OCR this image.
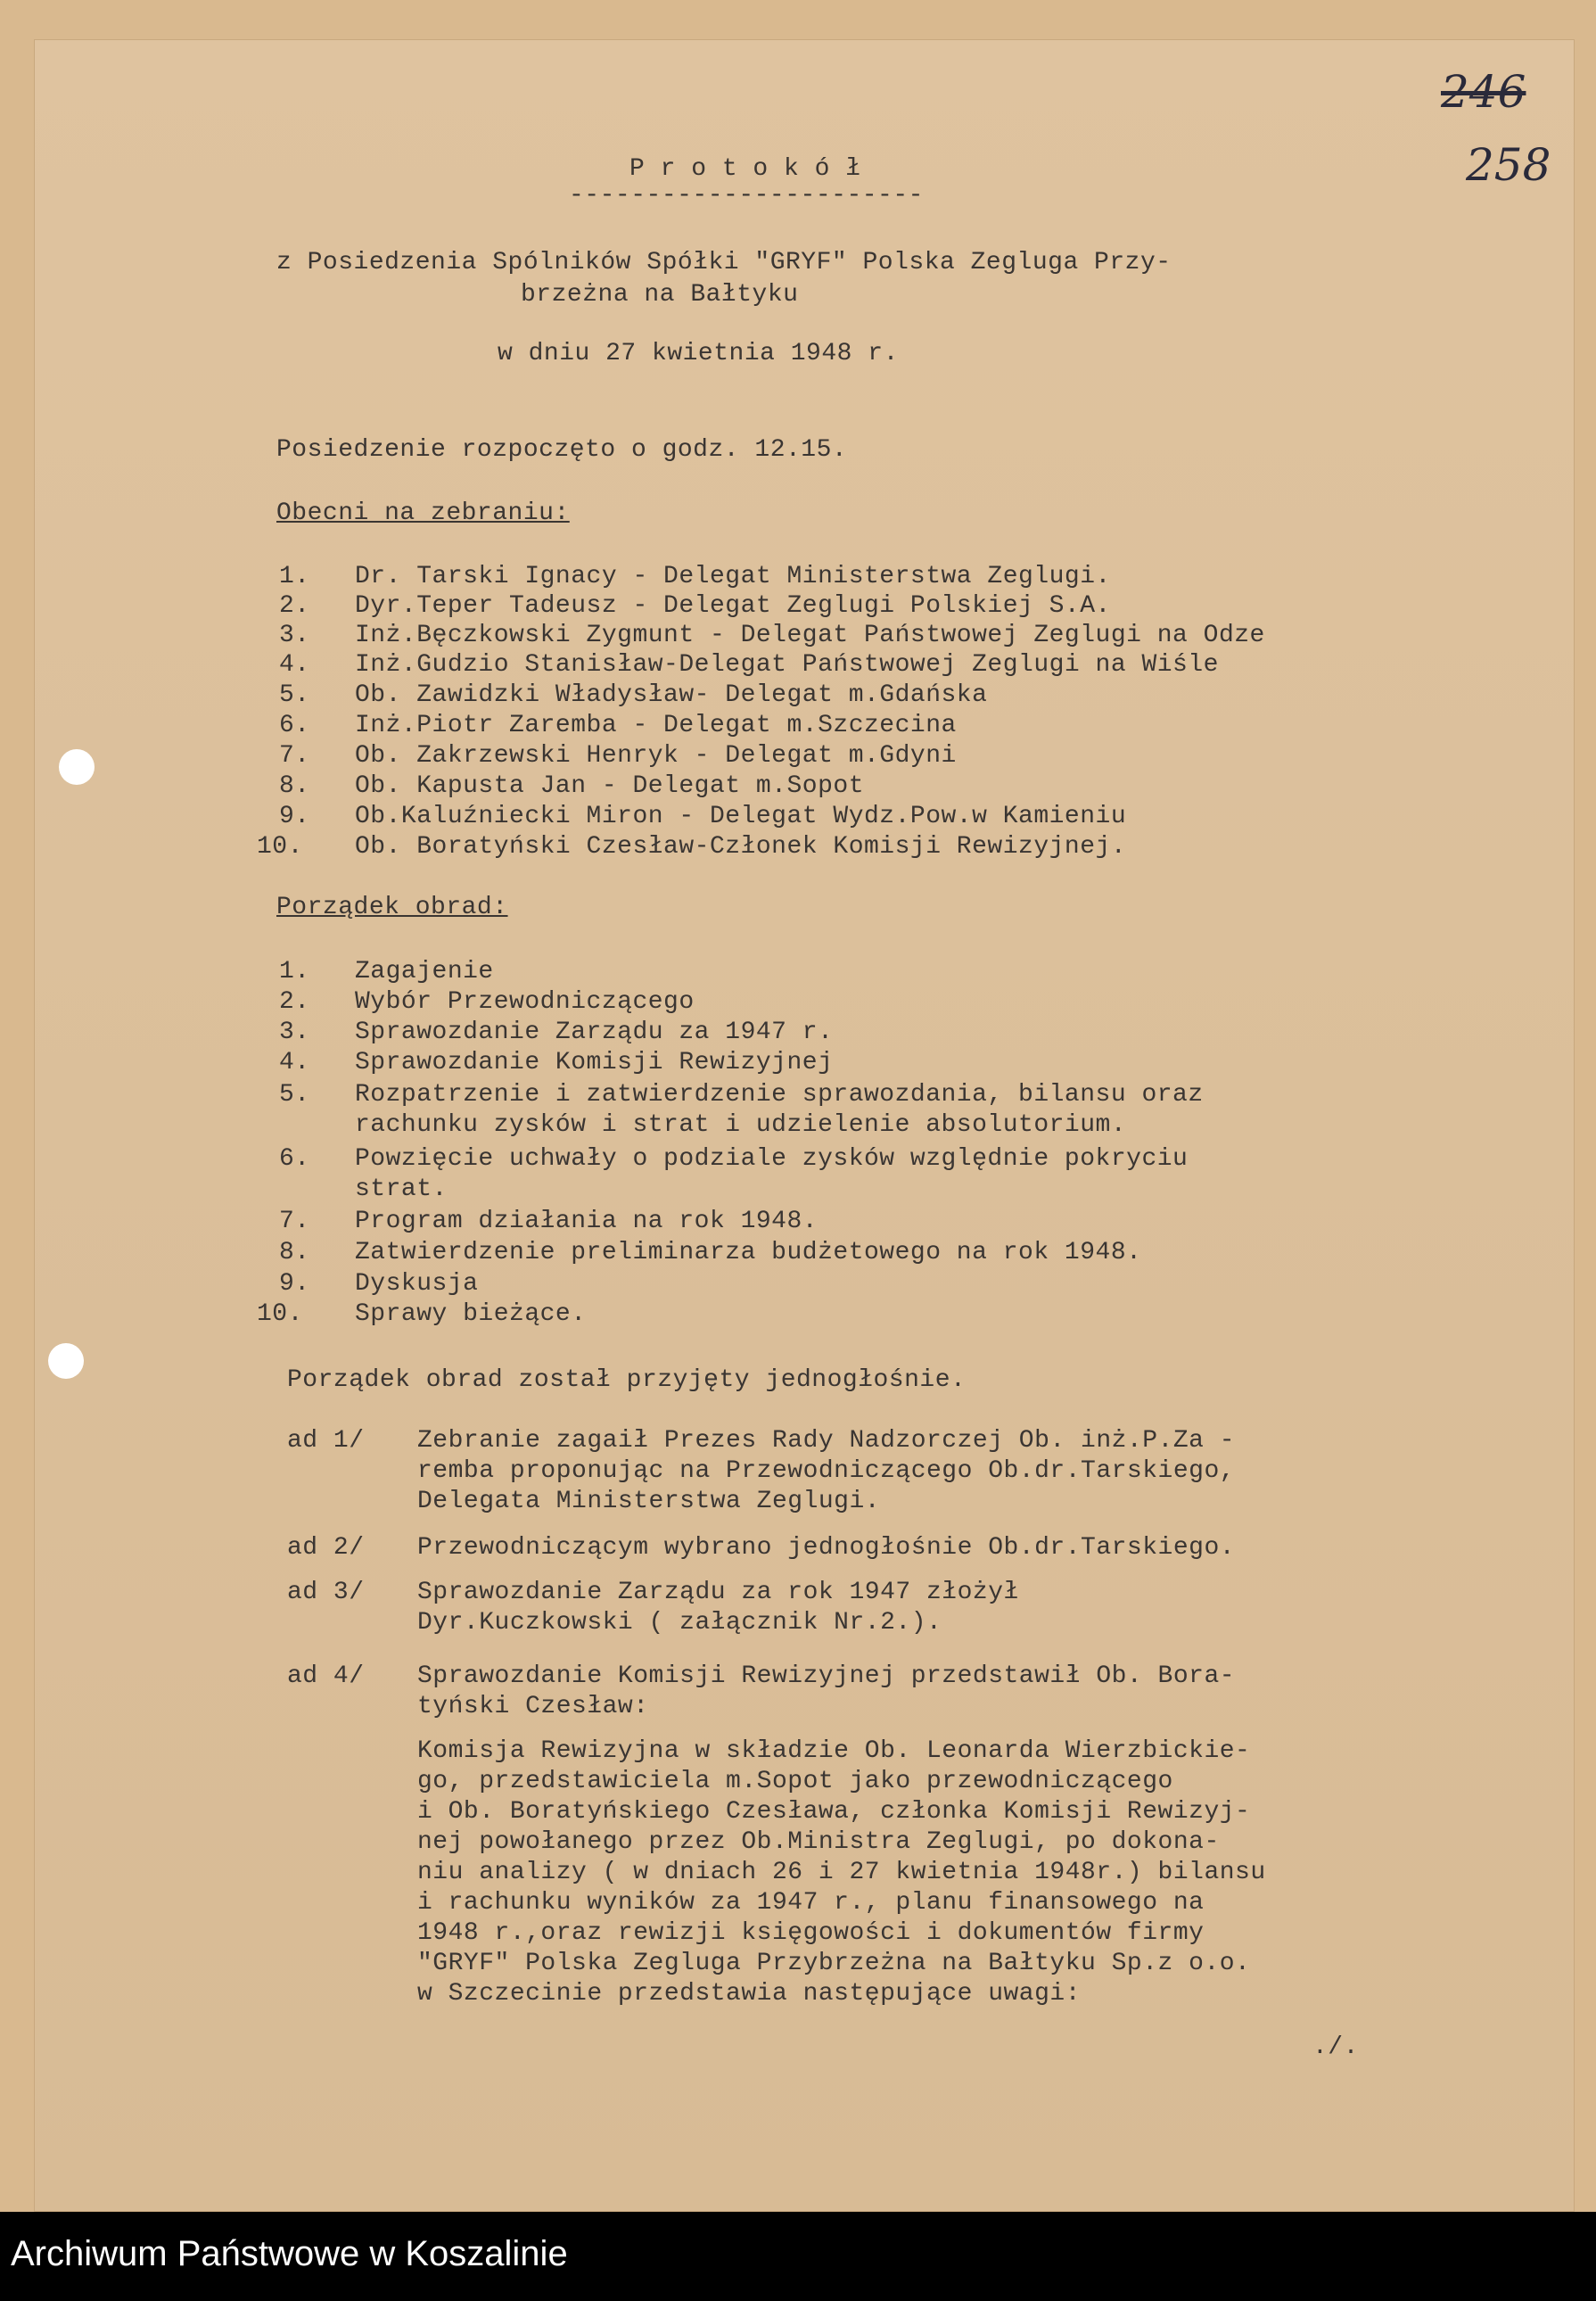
246
258
P r o t o k ó ł
-----------------------
z Posiedzenia Spólników Spółki "GRYF" Polska Zegluga Przy-
brzeżna na Bałtyku
w dniu 27 kwietnia 1948 r.
Posiedzenie rozpoczęto o godz. 12.15.
Obecni na zebraniu:
1. Dr. Tarski Ignacy - Delegat Ministerstwa Zeglugi.
2. Dyr.Teper Tadeusz - Delegat Zeglugi Polskiej S.A.
3. Inż.Bęczkowski Zygmunt - Delegat Państwowej Zeglugi na Odze
4. Inż.Gudzio Stanisław-Delegat Państwowej Zeglugi na Wiśle
5. Ob. Zawidzki Władysław- Delegat m.Gdańska
6. Inż.Piotr Zaremba - Delegat m.Szczecina
7. Ob. Zakrzewski Henryk - Delegat m.Gdyni
8. Ob. Kapusta Jan - Delegat m.Sopot
9. Ob.Kaluźniecki Miron - Delegat Wydz.Pow.w Kamieniu
10. Ob. Boratyński Czesław-Członek Komisji Rewizyjnej.
Porządek obrad:
1. Zagajenie
2. Wybór Przewodniczącego
3. Sprawozdanie Zarządu za 1947 r.
4. Sprawozdanie Komisji Rewizyjnej
5. Rozpatrzenie i zatwierdzenie sprawozdania, bilansu oraz
rachunku zysków i strat i udzielenie absolutorium.
6. Powzięcie uchwały o podziale zysków względnie pokryciu
strat.
7. Program działania na rok 1948.
8. Zatwierdzenie preliminarza budżetowego na rok 1948.
9. Dyskusja
10. Sprawy bieżące.
Porządek obrad został przyjęty jednogłośnie.
ad 1/ Zebranie zagaił Prezes Rady Nadzorczej Ob. inż.P.Za -
remba proponując na Przewodniczącego Ob.dr.Tarskiego,
Delegata Ministerstwa Zeglugi.
ad 2/ Przewodniczącym wybrano jednogłośnie Ob.dr.Tarskiego.
ad 3/ Sprawozdanie Zarządu za rok 1947 złożył
Dyr.Kuczkowski ( załącznik Nr.2.).
ad 4/ Sprawozdanie Komisji Rewizyjnej przedstawił Ob. Bora-
tyński Czesław:
Komisja Rewizyjna w składzie Ob. Leonarda Wierzbickie-
go, przedstawiciela m.Sopot jako przewodniczącego
i Ob. Boratyńskiego Czesława, członka Komisji Rewizyj-
nej powołanego przez Ob.Ministra Zeglugi, po dokona-
niu analizy ( w dniach 26 i 27 kwietnia 1948r.) bilansu
i rachunku wyników za 1947 r., planu finansowego na
1948 r.,oraz rewizji księgowości i dokumentów firmy
"GRYF" Polska Zegluga Przybrzeżna na Bałtyku Sp.z o.o.
w Szczecinie przedstawia następujące uwagi:
./.
Archiwum Państwowe w Koszalinie
